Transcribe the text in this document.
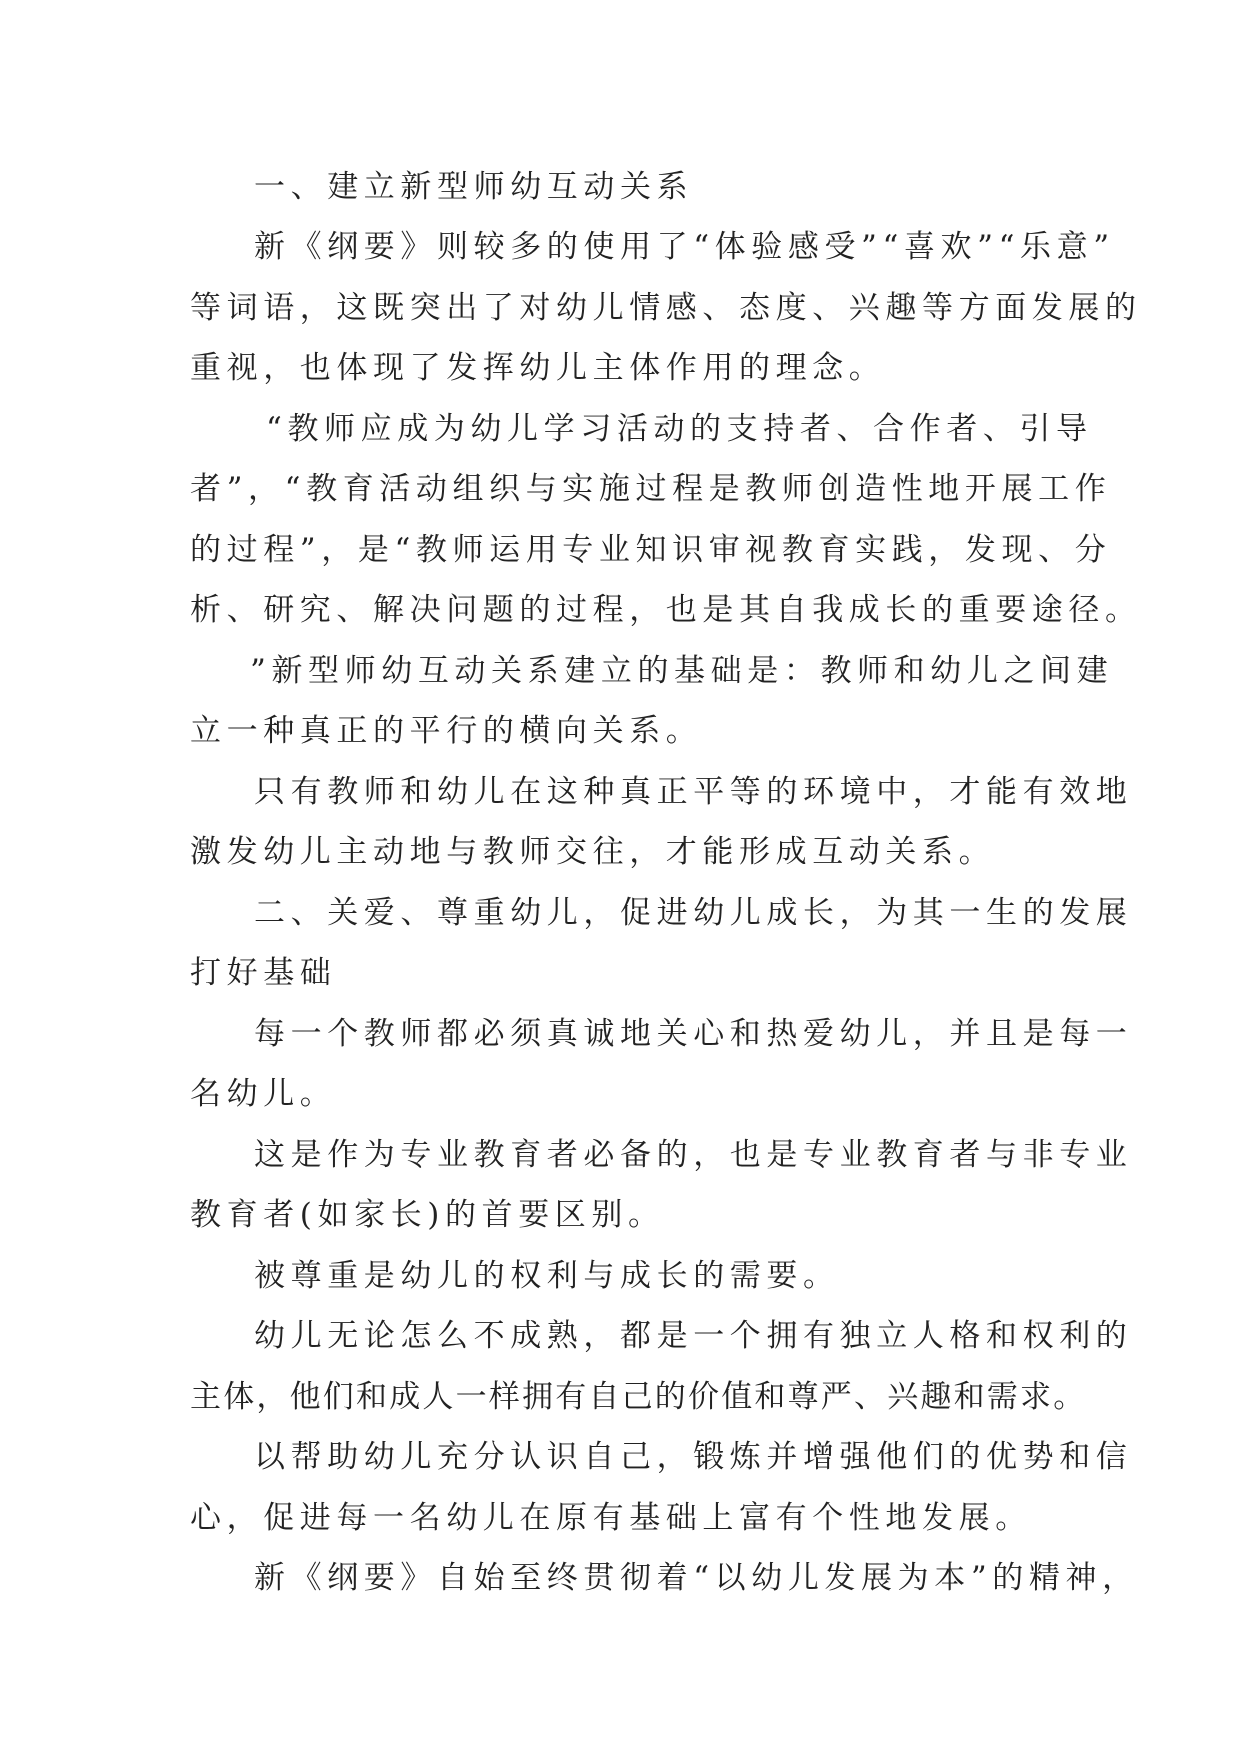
一、建立新型师幼互动关系
新《纲要》则较多的使用了“体验感受”“喜欢”“乐意”
等词语，这既突出了对幼儿情感、态度、兴趣等方面发展的
重视，也体现了发挥幼儿主体作用的理念。
“教师应成为幼儿学习活动的支持者、合作者、引导
者”，“教育活动组织与实施过程是教师创造性地开展工作
的过程”，是“教师运用专业知识审视教育实践，发现、分
析、研究、解决问题的过程，也是其自我成长的重要途径。
”新型师幼互动关系建立的基础是：教师和幼儿之间建
立一种真正的平行的横向关系。
只有教师和幼儿在这种真正平等的环境中，才能有效地
激发幼儿主动地与教师交往，才能形成互动关系。
二、关爱、尊重幼儿，促进幼儿成长，为其一生的发展
打好基础
每一个教师都必须真诚地关心和热爱幼儿，并且是每一
名幼儿。
这是作为专业教育者必备的，也是专业教育者与非专业
教育者(如家长)的首要区别。
被尊重是幼儿的权利与成长的需要。
幼儿无论怎么不成熟，都是一个拥有独立人格和权利的
主体，他们和成人一样拥有自己的价值和尊严、兴趣和需求。
以帮助幼儿充分认识自己，锻炼并增强他们的优势和信
心，促进每一名幼儿在原有基础上富有个性地发展。
新《纲要》自始至终贯彻着“以幼儿发展为本”的精神，
